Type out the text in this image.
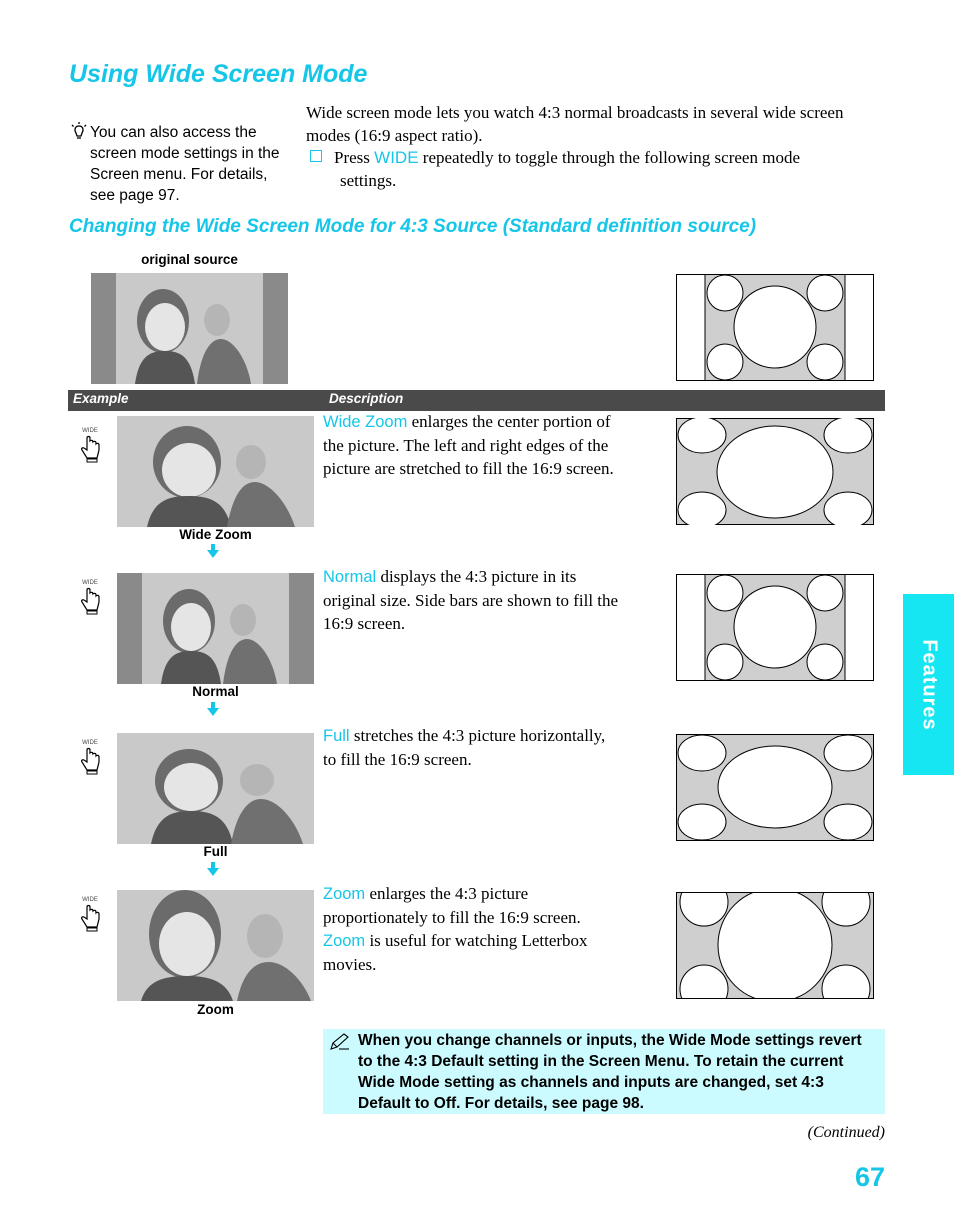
Using Wide Screen Mode
You can also access the screen mode settings in the Screen menu. For details, see page 97.
Wide screen mode lets you watch 4:3 normal broadcasts in several wide screen modes (16:9 aspect ratio).
Press WIDE repeatedly to toggle through the following screen mode
settings.
Changing the Wide Screen Mode for 4:3 Source (Standard definition source)
original source
Example	Description
WIDE
Wide Zoom
Wide Zoom enlarges the center portion of
the picture. The left and right edges of the
picture are stretched to fill the 16:9 screen.
WIDE
Normal
Normal displays the 4:3 picture in its
original size. Side bars are shown to fill the
16:9 screen.
WIDE
Full
Full stretches the 4:3 picture horizontally,
to fill the 16:9 screen.
WIDE
Zoom
Zoom enlarges the 4:3 picture
proportionately to fill the 16:9 screen.
Zoom is useful for watching Letterbox
movies.
When you change channels or inputs, the Wide Mode settings revert to the 4:3 Default setting in the Screen Menu. To retain the current Wide Mode setting as channels and inputs are changed, set 4:3 Default to Off. For details, see page 98.
(Continued)
67
Features
